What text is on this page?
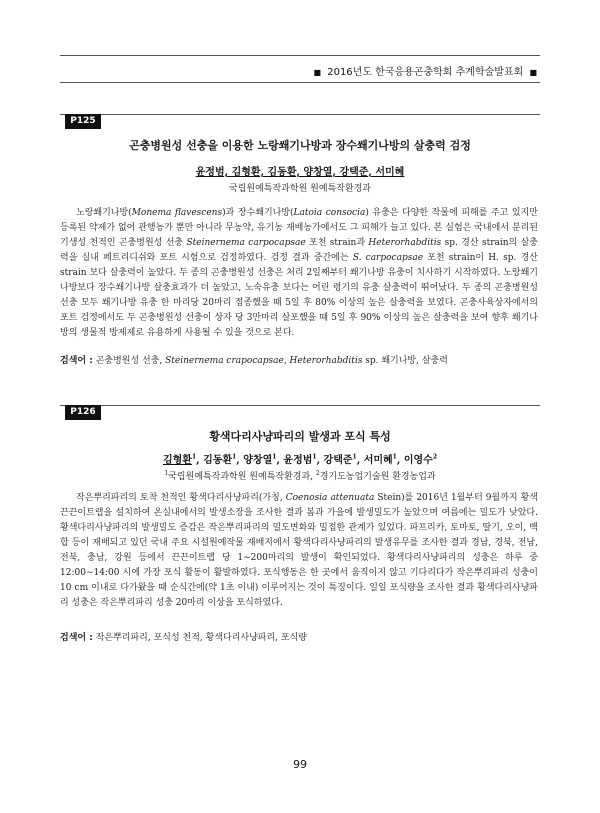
■ 2016년도 한국응용곤충학회 추계학술발표회 ■
P125
곤충병원성 선충을 이용한 노랑쐐기나방과 장수쐐기나방의 살충력 검정
윤정범, 김형환, 김동환, 양창열, 강택준, 서미혜
국립원예특작과학원 원예특작환경과

노랑쐐기나방(Monema flavescens)과 장수쐐기나방(Latoia consocia) 유충은 다양한 작물에 피해를 주고 있지만 등록된 약제가 없어 관행농가 뿐만 아니라 무농약, 유기농 재배농가에서도 그 피해가 늘고 있다. 본 실험은 국내에서 분리된 기생성 천적인 곤충병원성 선충 Steinernema carpocapsae 포천 strain과 Heterorhabditis sp. 경산 strain의 살충력을 실내 페트리디쉬와 포트 시험으로 검정하였다. 검정 결과 중간에는 S. carpocapsae 포천 strain이 H. sp. 경산 strain 보다 살충력이 높았다. 두 종의 곤충병원성 선충은 처리 2일째부터 쐐기나방 유충이 치사하기 시작하였다. 노랑쐐기나방보다 장수쐐기나방 살충효과가 더 높았고, 노숙유충 보다는 어린 령기의 유충 살충력이 뛰어났다. 두 종의 곤충병원성 선충 모두 쐐기나방 유충 한 마리당 20마리 접종했을 때 5일 후 80% 이상의 높은 살충력을 보였다. 곤충사육상자에서의 포트 검정에서도 두 곤충병원성 선충이 상자 당 3만마리 살포했을 때 5일 후 90% 이상의 높은 살충력을 보여 향후 쐐기나방의 생물적 방제제로 유용하게 사용될 수 있을 것으로 본다.

검색어 : 곤충병원성 선충, Steinernema crapocapsae, Heterorhabditis sp. 쐐기나방, 살충력
P126
황색다리사냥파리의 발생과 포식 특성
김형환$^1$, 김동환$^1$, 양창열$^1$, 윤정범$^1$, 강택준$^1$, 서미혜$^1$, 이영수$^2$
$^1$국립원예특작과학원 원예특작환경과, $^2$경기도농업기술원 환경농업과

작은뿌리파리의 토착 천적인 황색다리사냥파리(가칭, Coenosia attenuata Stein)를 2016년 1월부터 9월까지 황색끈끈이트랩을 설치하여 온실내에서의 발생소장을 조사한 결과 봄과 가을에 발생밀도가 높았으며 여름에는 밀도가 낮았다. 황색다리사냥파리의 발생밀도 증감은 작은뿌리파리의 밀도변화와 밀접한 관계가 있었다. 파프리카, 토마토, 딸기, 오이, 백합 등이 재배되고 있던 국내 주요 시설원예작물 재배지에서 황색다리사냥파리의 발생유무를 조사한 결과 경남, 경북, 전남, 전북, 충남, 강원 등에서 끈끈이트랩 당 1∼200마리의 발생이 확인되었다. 황색다리사냥파리의 성충은 하루 중 12:00∼14:00 시에 가장 포식 활동이 활발하였다. 포식행동은 한 곳에서 움직이지 않고 기다리다가 작은뿌리파리 성충이 10 cm 이내로 다가왔을 때 순식간에(약 1초 이내) 이루어지는 것이 특징이다. 일일 포식량을 조사한 결과 황색다리사냥파리 성충은 작은뿌리파리 성충 20마리 이상을 포식하였다.

검색어 : 작은뿌리파리, 포식성 천적, 황색다리사냥파리, 포식량
99
